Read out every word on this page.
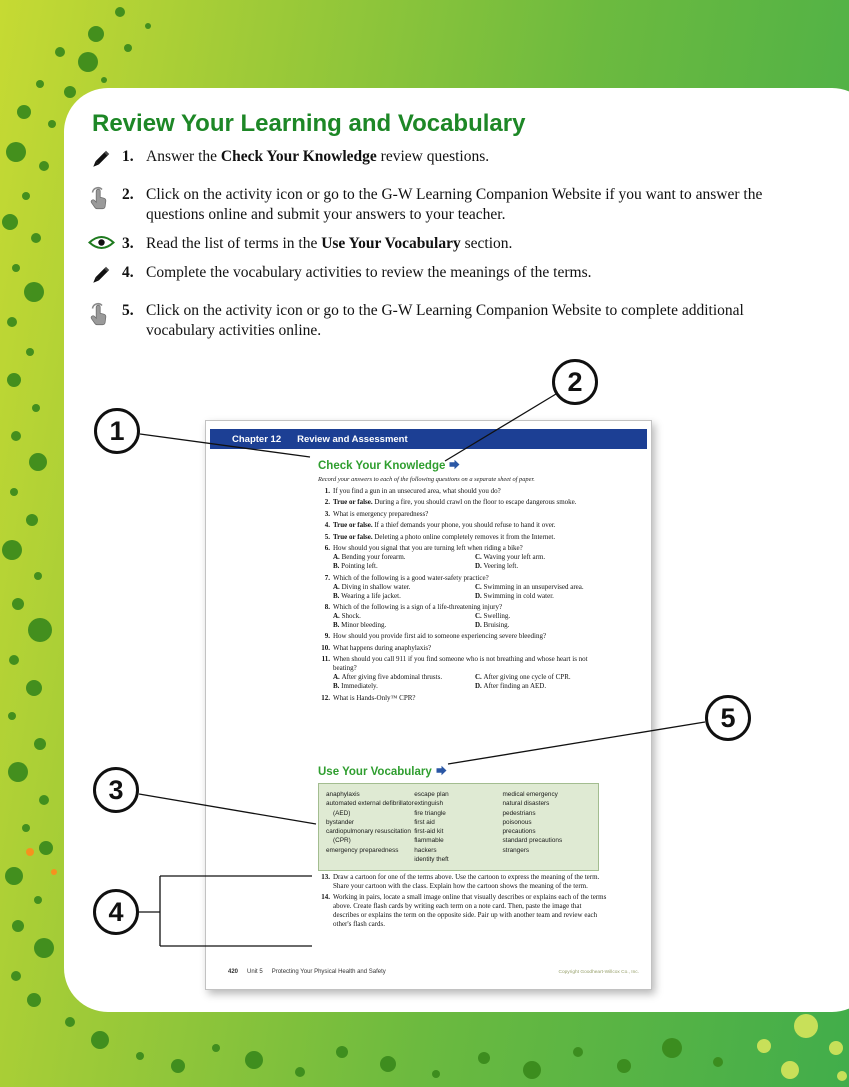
Review Your Learning and Vocabulary
1. Answer the Check Your Knowledge review questions.
2. Click on the activity icon or go to the G-W Learning Companion Website if you want to answer the questions online and submit your answers to your teacher.
3. Read the list of terms in the Use Your Vocabulary section.
4. Complete the vocabulary activities to review the meanings of the terms.
5. Click on the activity icon or go to the G-W Learning Companion Website to complete additional vocabulary activities online.
Chapter 12 Review and Assessment
Check Your Knowledge
Record your answers to each of the following questions on a separate sheet of paper.
1. If you find a gun in an unsecured area, what should you do?
2. True or false. During a fire, you should crawl on the floor to escape dangerous smoke.
3. What is emergency preparedness?
4. True or false. If a thief demands your phone, you should refuse to hand it over.
5. True or false. Deleting a photo online completely removes it from the Internet.
6. How should you signal that you are turning left when riding a bike?
A. Bending your forearm.
B. Pointing left.
C. Waving your left arm.
D. Veering left.
7. Which of the following is a good water-safety practice?
A. Diving in shallow water.
B. Wearing a life jacket.
C. Swimming in an unsupervised area.
D. Swimming in cold water.
8. Which of the following is a sign of a life-threatening injury?
A. Shock.
B. Minor bleeding.
C. Swelling.
D. Bruising.
9. How should you provide first aid to someone experiencing severe bleeding?
10. What happens during anaphylaxis?
11. When should you call 911 if you find someone who is not breathing and whose heart is not beating?
A. After giving five abdominal thrusts.
B. Immediately.
C. After giving one cycle of CPR.
D. After finding an AED.
12. What is Hands-Only™ CPR?
Use Your Vocabulary
anaphylaxis
automated external defibrillator (AED)
bystander
cardiopulmonary resuscitation (CPR)
emergency preparedness
escape plan
extinguish
fire triangle
first aid
first-aid kit
flammable
hackers
identity theft
medical emergency
natural disasters
pedestrians
poisonous
precautions
standard precautions
strangers
13. Draw a cartoon for one of the terms above. Use the cartoon to express the meaning of the term. Share your cartoon with the class. Explain how the cartoon shows the meaning of the term.
14. Working in pairs, locate a small image online that visually describes or explains each of the terms above. Create flash cards by writing each term on a note card. Then, paste the image that describes or explains the term on the opposite side. Pair up with another team and review each other's flash cards.
420 Unit 5 Protecting Your Physical Health and Safety	Copyright Goodheart-Willcox Co., Inc.
1
2
3
4
5
